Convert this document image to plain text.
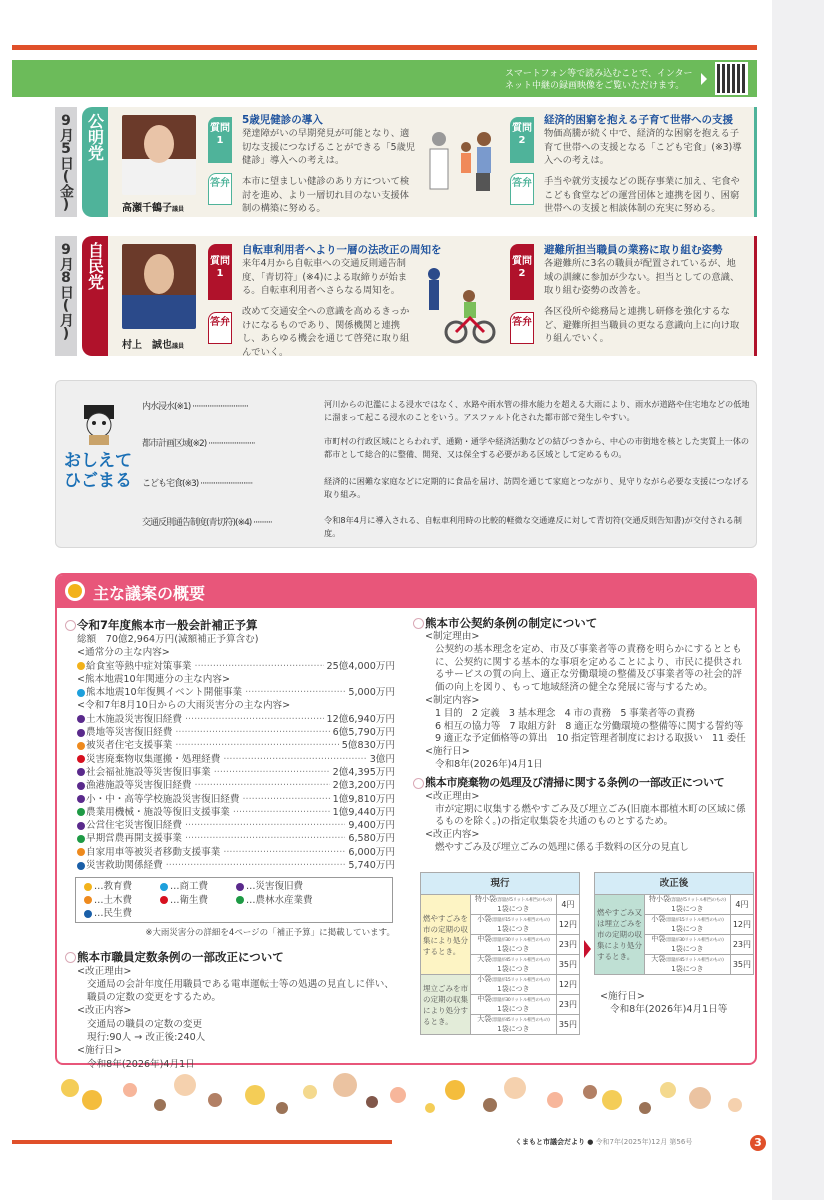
スマートフォン等で読み込むことで、インターネット中継の録画映像をご覧いただけます。
9月5日(金) 公明党
高瀬千鶴子議員
質問1
答弁
5歳児健診の導入
発達障がいの早期発見が可能となり、適切な支援につなげることができる「5歳児健診」導入への考えは。
本市に望ましい健診のあり方について検討を進め、より一層切れ目のない支援体制の構築に努める。
質問2
答弁
経済的困窮を抱える子育て世帯への支援
物価高騰が続く中で、経済的な困窮を抱える子育て世帯への支援となる「こども宅食」(※3)導入への考えは。
手当や就労支援などの既存事業に加え、宅食やこども食堂などの運営団体と連携を図り、困窮世帯への支援と相談体制の充実に努める。
9月8日(月) 自民党
村上　誠也議員
質問1
答弁
自転車利用者へより一層の法改正の周知を
来年4月から自転車への交通反則通告制度、「青切符」(※4)による取締りが始まる。自転車利用者へさらなる周知を。
改めて交通安全への意識を高めるきっかけになるものであり、関係機関と連携し、あらゆる機会を通じて啓発に取り組んでいく。
質問2
答弁
避難所担当職員の業務に取り組む姿勢
各避難所に3名の職員が配置されているが、地域の訓練に参加が少ない。担当としての意識、取り組む姿勢の改善を。
各区役所や総務局と連携し研修を強化するなど、避難所担当職員の更なる意識向上に向け取り組んでいく。
おしえてひごまる
内水浸水(※1) ······························	河川からの氾濫による浸水ではなく、水路や雨水管の排水能力を超える大雨により、雨水が道路や住宅地などの低地に溜まって起こる浸水のことをいう。アスファルト化された都市部で発生しやすい。
都市計画区域(※2) ·························	市町村の行政区域にとらわれず、通勤・通学や経済活動などの結びつきから、中心の市街地を核とした実質上一体の都市として総合的に整備、開発、又は保全する必要がある区域として定めるもの。
こども宅食(※3) ····························	経済的に困難な家庭などに定期的に食品を届け、訪問を通じて家庭とつながり、見守りながら必要な支援につなげる取り組み。
交通反則通告制度(青切符)(※4) ··········	令和8年4月に導入される、自転車利用時の比較的軽微な交通違反に対して青切符(交通反則告知書)が交付される制度。
主な議案の概要
令和7年度熊本市一般会計補正予算
総額　70億2,964万円(減額補正予算含む)
<通常分の主な内容>
給食室等熱中症対策事業 ·····	25億4,000万円
<熊本地震10年関連分の主な内容>
熊本地震10年復興イベント開催事業 ·····	5,000万円
<令和7年8月10日からの大雨災害分の主な内容>
土木施設災害復旧経費 ·····	12億6,940万円
農地等災害復旧経費 ·····	6億5,790万円
被災者住宅支援事業 ·····	5億830万円
災害廃棄物収集運搬・処理経費 ·····	3億円
社会福祉施設等災害復旧事業 ·····	2億4,395万円
漁港施設等災害復旧経費 ·····	2億3,200万円
小・中・高等学校施設災害復旧経費 ·····	1億9,810万円
農業用機械・施設等復旧支援事業 ·····	1億9,440万円
公営住宅災害復旧経費 ·····	9,400万円
早期営農再開支援事業 ·····	6,580万円
自家用車等被災者移動支援事業 ·····	6,000万円
災害救助関係経費 ·····	5,740万円
…教育費	…商工費	…災害復旧費
…土木費	…衛生費	…農林水産業費
…民生費
※大雨災害分の詳細を4ページの「補正予算」に掲載しています。
熊本市職員定数条例の一部改正について
<改正理由>
交通局の会計年度任用職員である電車運転士等の処遇の見直しに伴い、職員の定数の変更をするため。
<改正内容>
交通局の職員の定数の変更
現行:90人 → 改正後:240人
<施行日>
令和8年(2026年)4月1日
熊本市公契約条例の制定について
<制定理由>
公契約の基本理念を定め、市及び事業者等の責務を明らかにするとともに、公契約に関する基本的な事項を定めることにより、市民に提供されるサービスの質の向上、適正な労働環境の整備及び事業者等の社会的評価の向上を図り、もって地域経済の健全な発展に寄与するため。
<制定内容>
1 目的　2 定義　3 基本理念　4 市の責務　5 事業者等の責務
6 相互の協力等　7 取組方針　8 適正な労働環境の整備等に関する誓約等
9 適正な予定価格等の算出　10 指定管理者制度における取扱い　11 委任
<施行日>
令和8年(2026年)4月1日
熊本市廃棄物の処理及び清掃に関する条例の一部改正について
<改正理由>
市が定期に収集する燃やすごみ及び埋立ごみ(旧鹿本郡植木町の区域に係るものを除く。)の指定収集袋を共通のものとするため。
<改正内容>
燃やすごみ及び埋立ごみの処理に係る手数料の区分の見直し
現行		
燃やすごみを市の定期の収集により処分するとき。	特小袋(容量が5リットル相当のもの)
1袋につき	4円
	小袋(容量が15リットル相当のもの)
1袋につき	12円
	中袋(容量が30リットル相当のもの)
1袋につき	23円
	大袋(容量が45リットル相当のもの)
1袋につき	35円
埋立ごみを市の定期の収集により処分するとき。	小袋(容量が15リットル相当のもの)
1袋につき	12円
	中袋(容量が30リットル相当のもの)
1袋につき	23円
	大袋(容量が45リットル相当のもの)
1袋につき	35円
改正後		
燃やすごみ又は埋立ごみを市の定期の収集により処分するとき。	特小袋(容量が5リットル相当のもの)
1袋につき	4円
	小袋(容量が15リットル相当のもの)
1袋につき	12円
	中袋(容量が30リットル相当のもの)
1袋につき	23円
	大袋(容量が45リットル相当のもの)
1袋につき	35円
<施行日>
令和8年(2026年)4月1日等
くまもと市議会だより ● 令和7年(2025年)12月 第56号	3
